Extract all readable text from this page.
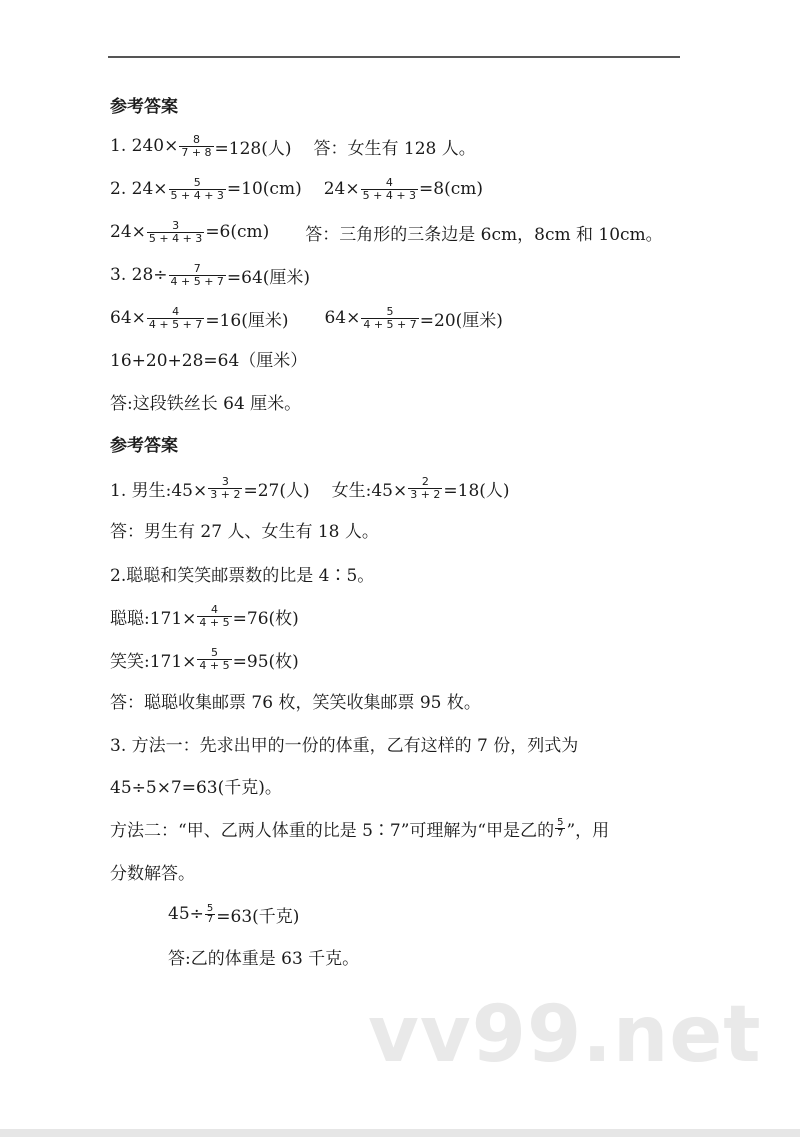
参考答案
1. $240\times \frac{8}{7 + 8} =128$(人) 答：女生有 128 人。
2. $24\times \frac{5}{5 + 4 + 3} =10(cm)$ $24\times \frac{4}{5 + 4 + 3} =8(cm)$
$24\times \frac{3}{5 + 4 + 3} =6(cm)$ 答：三角形的三条边是 6cm，8cm 和 10cm。
3. $28\div \frac{7}{4 + 5 + 7} =64$(厘米)
$64\times \frac{4}{4 + 5 + 7} =16$(厘米) $64\times \frac{5}{4 + 5 + 7} =20$(厘米)
16+20+28=64（厘米）
答:这段铁丝长 64 厘米。
参考答案
1. 男生:45× $\frac{3}{3 + 2} =27$(人) 女生:45× $\frac{2}{3 + 2} =18$(人)
答：男生有 27 人、女生有 18 人。
2.聪聪和笑笑邮票数的比是 4∶5。
聪聪:171× $\frac{4}{4 + 5} =76$(枚)
笑笑:171× $\frac{5}{4 + 5} =95$(枚)
答：聪聪收集邮票 76 枚，笑笑收集邮票 95 枚。
3. 方法一：先求出甲的一份的体重，乙有这样的 7 份，列式为
45÷5×7=63(千克)。
方法二：“甲、乙两人体重的比是 5∶7”可理解为“甲是乙的 $\frac{5}{7}$ ”，用
分数解答。
$45\div \frac{5}{7} =63$(千克)
答:乙的体重是 63 千克。
vv99.net
